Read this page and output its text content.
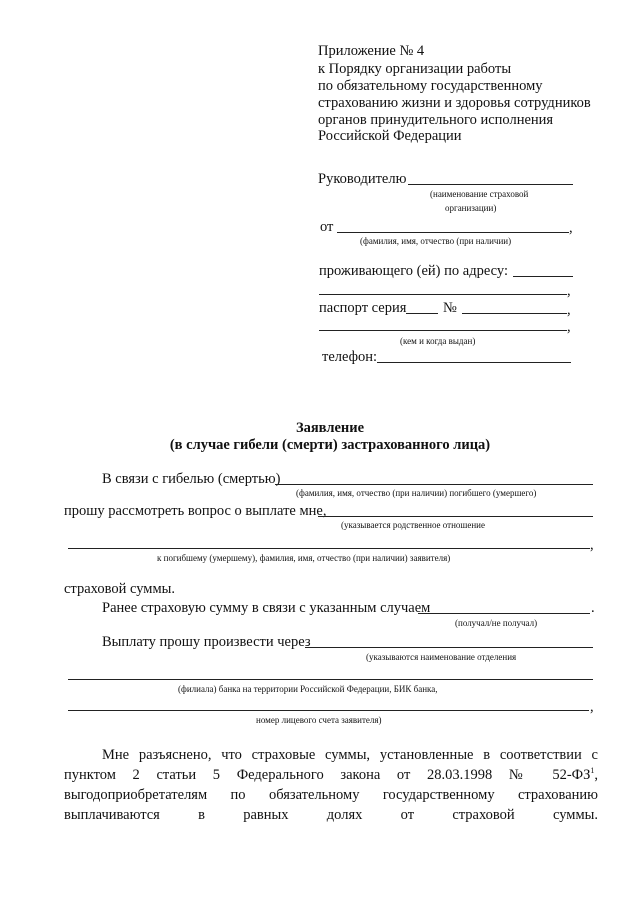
Приложение № 4
к Порядку организации работы
по обязательному государственному
страхованию жизни и здоровья сотрудников
органов принудительного исполнения
Российской Федерации
Руководителю
(наименование страховой
организации)
от	,
(фамилия, имя, отчество (при наличии)
проживающего (ей) по адресу:
,
паспорт серия	№	,
,
(кем и когда выдан)
телефон:
Заявление
(в случае гибели (смерти) застрахованного лица)
В связи с гибелью (смертью)
(фамилия, имя, отчество (при наличии) погибшего (умершего)
прошу рассмотреть вопрос о выплате мне,
(указывается родственное отношение
,
к погибшему (умершему), фамилия, имя, отчество (при наличии) заявителя)
страховой суммы.
Ранее страховую сумму в связи с указанным случаем	.
(получал/не получал)
Выплату прошу произвести через
(указываются наименование отделения
(филиала) банка на территории Российской Федерации, БИК банка,
,
номер лицевого счета заявителя)
Мне разъяснено, что страховые суммы, установленные в соответствии с пунктом 2 статьи 5 Федерального закона от 28.03.1998 № $52-ФЗ^1$, выгодоприобретателям по обязательному государственному страхованию выплачиваются в равных долях от страховой суммы.
